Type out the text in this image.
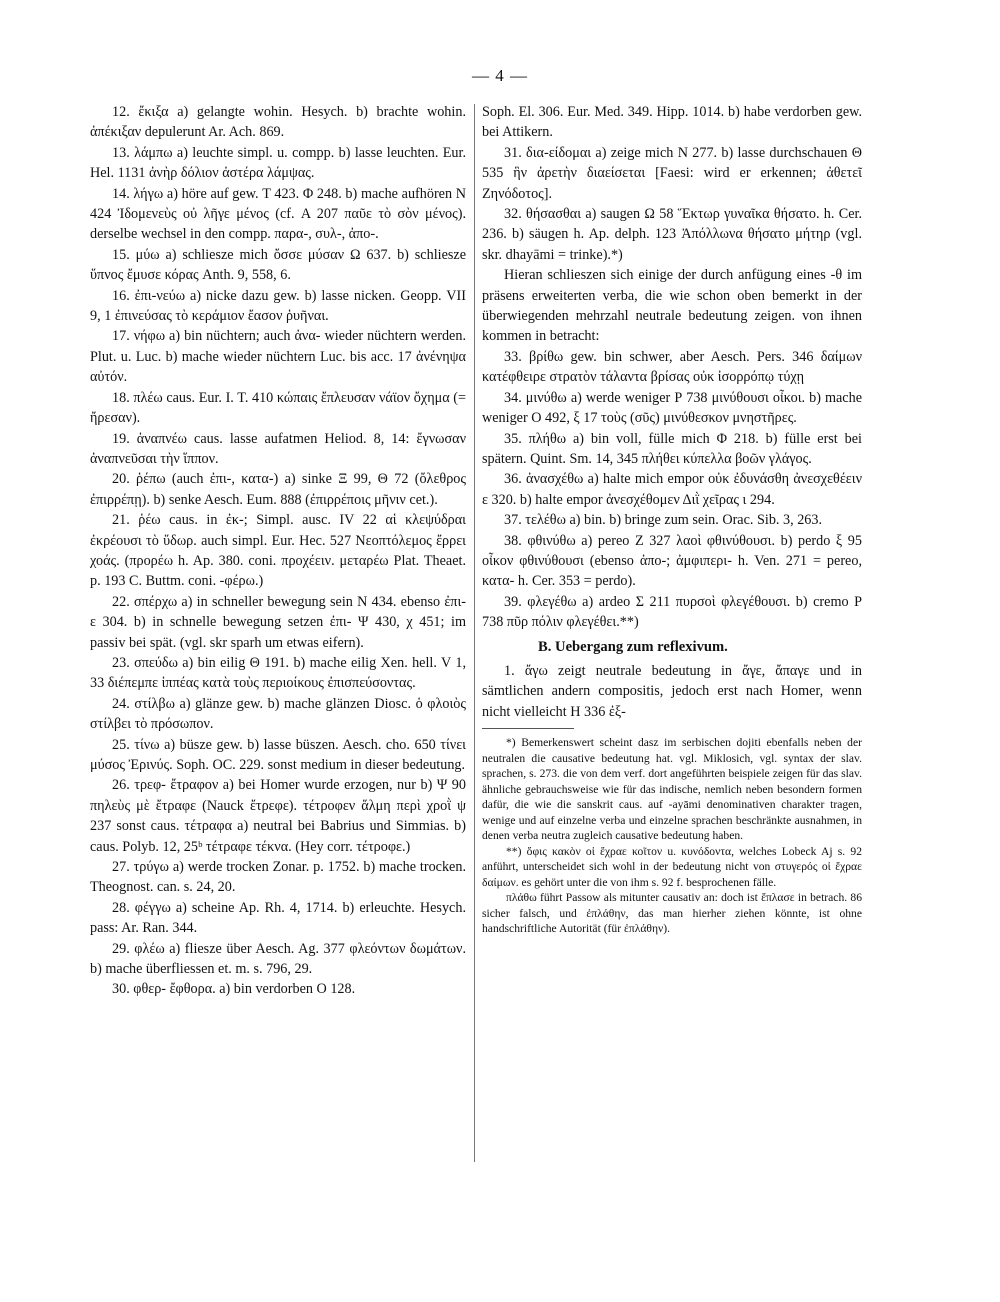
— 4 —

12. ἔκιξα a) gelangte wohin. Hesych. b) brachte wohin. ἀπέκιξαν depulerunt Ar. Ach. 869.

13. λάμπω a) leuchte simpl. u. compp. b) lasse leuchten. Eur. Hel. 1131 ἀνὴρ δόλιον ἀστέρα λάμψας.

14. λήγω a) höre auf gew. Τ 423. Φ 248. b) mache aufhören Ν 424 Ἰδομενεὺς οὐ λῆγε μένος (cf. Α 207 παῦε τὸ σὸν μένος). derselbe wechsel in den compp. παρα-, συλ-, ἀπο-.

15. μύω a) schliesze mich ὄσσε μύσαν Ω 637. b) schliesze ὕπνος ἔμυσε κόρας Anth. 9, 558, 6.

16. ἐπι-νεύω a) nicke dazu gew. b) lasse nicken. Geopp. VII 9, 1 ἐπινεύσας τὸ κεράμιον ἔασον ῥυῆναι.

17. νήφω a) bin nüchtern; auch ἀνα- wieder nüchtern werden. Plut. u. Luc. b) mache wieder nüchtern Luc. bis acc. 17 ἀνένηψα αὐτόν.

18. πλέω caus. Eur. I. T. 410 κώπαις ἔπλευσαν νάϊον ὄχημα (= ἤρεσαν).

19. ἀναπνέω caus. lasse aufatmen Heliod. 8, 14: ἔγνωσαν ἀναπνεῦσαι τὴν ἵππον.

20. ῥέπω (auch ἐπι-, κατα-) a) sinke Ξ 99, Θ 72 (ὄλεθρος ἐπιρρέπῃ). b) senke Aesch. Eum. 888 (ἐπιρρέποις μῆνιν cet.).

21. ῥέω caus. in ἐκ-; Simpl. ausc. IV 22 αἱ κλεψύδραι ἐκρέουσι τὸ ὕδωρ. auch simpl. Eur. Hec. 527 Νεοπτόλεμος ἔρρει χοάς. (προρέω h. Ap. 380. coni. προχέειν. μεταρέω Plat. Theaet. p. 193 C. Buttm. coni. -φέρω.)

22. σπέρχω a) in schneller bewegung sein Ν 434. ebenso ἐπι- ε 304. b) in schnelle bewegung setzen ἐπι- Ψ 430, χ 451; im passiv bei spät. (vgl. skr sparh um etwas eifern).

23. σπεύδω a) bin eilig Θ 191. b) mache eilig Xen. hell. V 1, 33 διέπεμπε ἱππέας κατὰ τοὺς περιοίκους ἐπισπεύσοντας.

24. στίλβω a) glänze gew. b) mache glänzen Diosc. ὁ φλοιὸς στίλβει τὸ πρόσωπον.

25. τίνω a) büsze gew. b) lasse büszen. Aesch. cho. 650 τίνει μύσος Ἐρινύς. Soph. OC. 229. sonst medium in dieser bedeutung.

26. τρεφ- ἔτραφον a) bei Homer wurde erzogen, nur b) Ψ 90 πηλεὺς μὲ ἔτραφε (Nauck ἔτρεφε). τέτροφεν ἅλμη περὶ χροῒ ψ 237 sonst caus. τέτραφα a) neutral bei Babrius und Simmias. b) caus. Polyb. 12, 25ᵇ τέτραφε τέκνα. (Hey corr. τέτροφε.)

27. τρύγω a) werde trocken Zonar. p. 1752. b) mache trocken. Theognost. can. s. 24, 20.

28. φέγγω a) scheine Ap. Rh. 4, 1714. b) erleuchte. Hesych. pass: Ar. Ran. 344.

29. φλέω a) fliesze über Aesch. Ag. 377 φλεόντων δωμάτων. b) mache überfliessen et. m. s. 796, 29.

30. φθερ- ἔφθορα. a) bin verdorben Ο 128.

Soph. El. 306. Eur. Med. 349. Hipp. 1014. b) habe verdorben gew. bei Attikern.

31. δια-είδομαι a) zeige mich Ν 277. b) lasse durchschauen Θ 535 ἣν ἀρετὴν διαείσεται [Faesi: wird er erkennen; ἀθετεῖ Ζηνόδοτος].

32. θήσασθαι a) saugen Ω 58 Ἕκτωρ γυναῖκα θήσατο. h. Cer. 236. b) säugen h. Ap. delph. 123 Ἀπόλλωνα θήσατο μήτηρ (vgl. skr. dhayāmi = trinke).*)

Hieran schlieszen sich einige der durch anfügung eines -θ im präsens erweiterten verba, die wie schon oben bemerkt in der überwiegenden mehrzahl neutrale bedeutung zeigen. von ihnen kommen in betracht:

33. βρίθω gew. bin schwer, aber Aesch. Pers. 346 δαίμων κατέφθειρε στρατὸν τάλαντα βρίσας οὐκ ἰσορρόπῳ τύχῃ

34. μινύθω a) werde weniger Ρ 738 μινύθουσι οἶκοι. b) mache weniger Ο 492, ξ 17 τοὺς (σῦς) μινύθεσκον μνηστῆρες.

35. πλήθω a) bin voll, fülle mich Φ 218. b) fülle erst bei spätern. Quint. Sm. 14, 345 πλήθει κύπελλα βοῶν γλάγος.

36. ἀνασχέθω a) halte mich empor οὐκ ἐδυνάσθη ἀνεσχεθέειν ε 320. b) halte empor ἀνεσχέθομεν Διῒ χεῖρας ι 294.

37. τελέθω a) bin. b) bringe zum sein. Orac. Sib. 3, 263.

38. φθινύθω a) pereo Ζ 327 λαοὶ φθινύθουσι. b) perdo ξ 95 οἶκον φθινύθουσι (ebenso ἀπο-; ἀμφιπερι- h. Ven. 271 = pereo, κατα- h. Cer. 353 = perdo).

39. φλεγέθω a) ardeo Σ 211 πυρσοὶ φλεγέθουσι. b) cremo Ρ 738 πῦρ πόλιν φλεγέθει.**)

B. Uebergang zum reflexivum.

1. ἄγω zeigt neutrale bedeutung in ἄγε, ἄπαγε und in sämtlichen andern compositis, jedoch erst nach Homer, wenn nicht vielleicht Η 336 ἐξ-

*) Bemerkenswert scheint dasz im serbischen dojiti ebenfalls neben der neutralen die causative bedeutung hat. vgl. Miklosich, vgl. syntax der slav. sprachen, s. 273. die von dem verf. dort angeführten beispiele zeigen für das slav. ähnliche gebrauchsweise wie für das indische, nemlich neben besondern formen dafür, die wie die sanskrit caus. auf -ayāmi denominativen charakter tragen, wenige und auf einzelne verba und einzelne sprachen beschränkte ausnahmen, in denen verba neutra zugleich causative bedeutung haben.

**) ὄφις κακὸν οἱ ἔχραε κοῖτον u. κυνόδοντα, welches Lobeck Aj s. 92 anführt, unterscheidet sich wohl in der bedeutung nicht von στυγερός οἱ ἔχραε δαίμων. es gehört unter die von ihm s. 92 f. besprochenen fälle.

πλάθω führt Passow als mitunter causativ an: doch ist ἔπλασε in betrach. 86 sicher falsch, und ἐπλάθην, das man hierher ziehen könnte, ist ohne handschriftliche Autorität (für ἐπλάθην).
